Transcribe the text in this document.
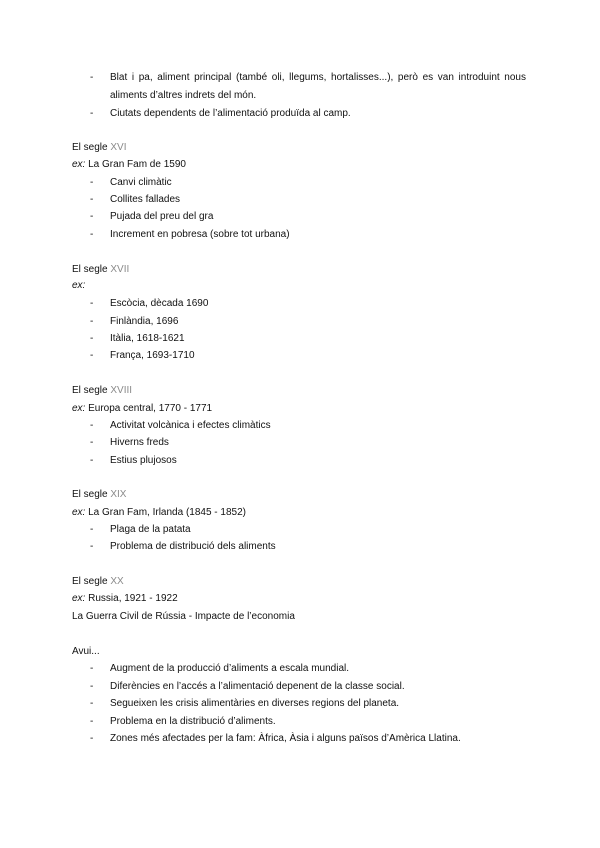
-	Blat i pa, aliment principal (també oli, llegums, hortalisses...), però es van introduint nous
aliments d’altres indrets del món.
-	Ciutats dependents de l’alimentació produïda al camp.
El segle XVI
ex: La Gran Fam de 1590
-	Canvi climàtic
-	Collites fallades
-	Pujada del preu del gra
-	Increment en pobresa (sobre tot urbana)
El segle XVII
ex:
-	Escòcia, dècada 1690
-	Finlàndia, 1696
-	Itàlia, 1618-1621
-	França, 1693-1710
El segle XVIII
ex: Europa central, 1770 - 1771
-	Activitat volcànica i efectes climàtics
-	Hiverns freds
-	Estius plujosos
El segle XIX
ex: La Gran Fam, Irlanda (1845 - 1852)
-	Plaga de la patata
-	Problema de distribució dels aliments
El segle XX
ex: Russia, 1921 - 1922
La Guerra Civil de Rússia - Impacte de l’economia
Avui...
-	Augment de la producció d’aliments a escala mundial.
-	Diferències en l’accés a l’alimentació depenent de la classe social.
-	Segueixen les crisis alimentàries en diverses regions del planeta.
-	Problema en la distribució d’aliments.
-	Zones més afectades per la fam: Àfrica, Àsia i alguns països d’Amèrica Llatina.
